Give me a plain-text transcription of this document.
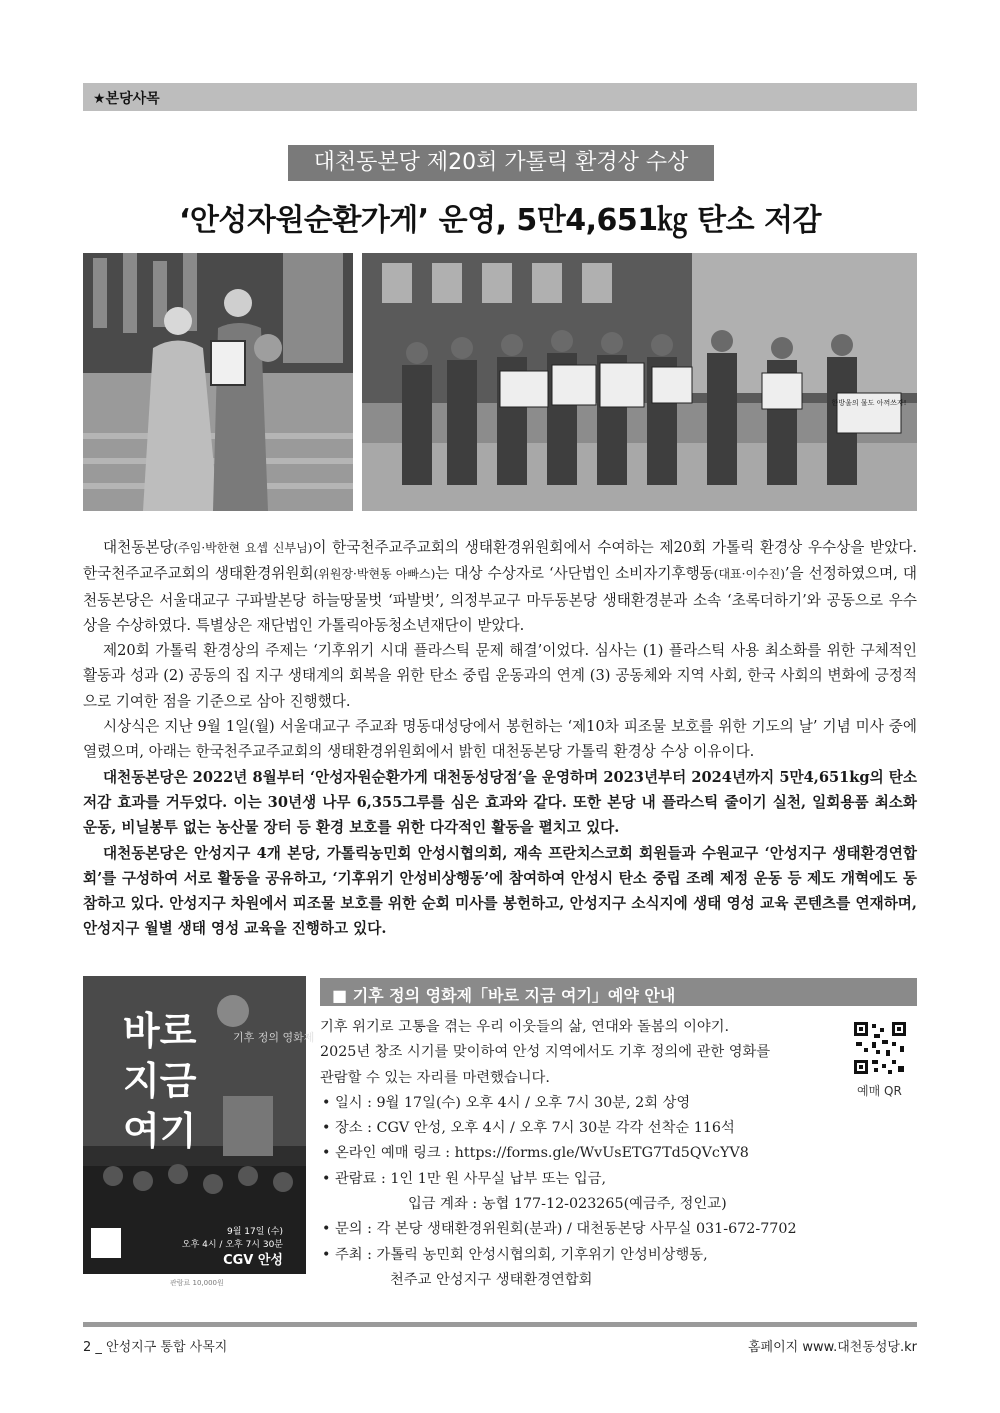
★본당사목
대천동본당 제20회 가톨릭 환경상 수상
‘안성자원순환가게’ 운영, 5만4,651㎏ 탄소 저감
한방울의 물도 아껴쓰자!

대천동본당(주임·박한현 요셉 신부님)이 한국천주교주교회의 생태환경위원회에서 수여하는 제20회 가톨릭 환경상 우수상을 받았다. 한국천주교주교회의 생태환경위원회(위원장·박현동 아빠스)는 대상 수상자로 ‘사단법인 소비자기후행동(대표·이수진)’을 선정하였으며, 대천동본당은 서울대교구 구파발본당 하늘땅물벗 ‘파발벗’, 의정부교구 마두동본당 생태환경분과 소속 ‘초록더하기’와 공동으로 우수상을 수상하였다. 특별상은 재단법인 가톨릭아동청소년재단이 받았다.

제20회 가톨릭 환경상의 주제는 ‘기후위기 시대 플라스틱 문제 해결’이었다. 심사는 (1) 플라스틱 사용 최소화를 위한 구체적인 활동과 성과 (2) 공동의 집 지구 생태계의 회복을 위한 탄소 중립 운동과의 연계 (3) 공동체와 지역 사회, 한국 사회의 변화에 긍정적으로 기여한 점을 기준으로 삼아 진행했다.

시상식은 지난 9월 1일(월) 서울대교구 주교좌 명동대성당에서 봉헌하는 ‘제10차 피조물 보호를 위한 기도의 날’ 기념 미사 중에 열렸으며, 아래는 한국천주교주교회의 생태환경위원회에서 밝힌 대천동본당 가톨릭 환경상 수상 이유이다.

대천동본당은 2022년 8월부터 ‘안성자원순환가게 대천동성당점’을 운영하며 2023년부터 2024년까지 5만4,651kg의 탄소 저감 효과를 거두었다. 이는 30년생 나무 6,355그루를 심은 효과와 같다. 또한 본당 내 플라스틱 줄이기 실천, 일회용품 최소화 운동, 비닐봉투 없는 농산물 장터 등 환경 보호를 위한 다각적인 활동을 펼치고 있다.

대천동본당은 안성지구 4개 본당, 가톨릭농민회 안성시협의회, 재속 프란치스코회 회원들과 수원교구 ‘안성지구 생태환경연합회’를 구성하여 서로 활동을 공유하고, ‘기후위기 안성비상행동’에 참여하여 안성시 탄소 중립 조례 제정 운동 등 제도 개혁에도 동참하고 있다. 안성지구 차원에서 피조물 보호를 위한 순회 미사를 봉헌하고, 안성지구 소식지에 생태 영성 교육 콘텐츠를 연재하며, 안성지구 월별 생태 영성 교육을 진행하고 있다.

바로
지금
여기
기후 정의 영화제
9월 17일 (수)
오후 4시 / 오후 7시 30분
CGV 안성
관람료 10,000원
■ 기후 정의 영화제「바로 지금 여기」예약 안내
기후 위기로 고통을 겪는 우리 이웃들의 삶, 연대와 돌봄의 이야기.
2025년 창조 시기를 맞이하여 안성 지역에서도 기후 정의에 관한 영화를
관람할 수 있는 자리를 마련했습니다.
• 일시 : 9월 17일(수) 오후 4시 / 오후 7시 30분, 2회 상영
• 장소 : CGV 안성, 오후 4시 / 오후 7시 30분 각각 선착순 116석
• 온라인 예매 링크 : https://forms.gle/WvUsETG7Td5QVcYV8
• 관람료 : 1인 1만 원 사무실 납부 또는 입금,
입금 계좌 : 농협 177-12-023265(예금주, 정인교)
• 문의 : 각 본당 생태환경위원회(분과) / 대천동본당 사무실 031-672-7702
• 주최 : 가톨릭 농민회 안성시협의회, 기후위기 안성비상행동,
천주교 안성지구 생태환경연합회
예매 QR
2 _ 안성지구 통합 사목지	홈페이지 www.대천동성당.kr
